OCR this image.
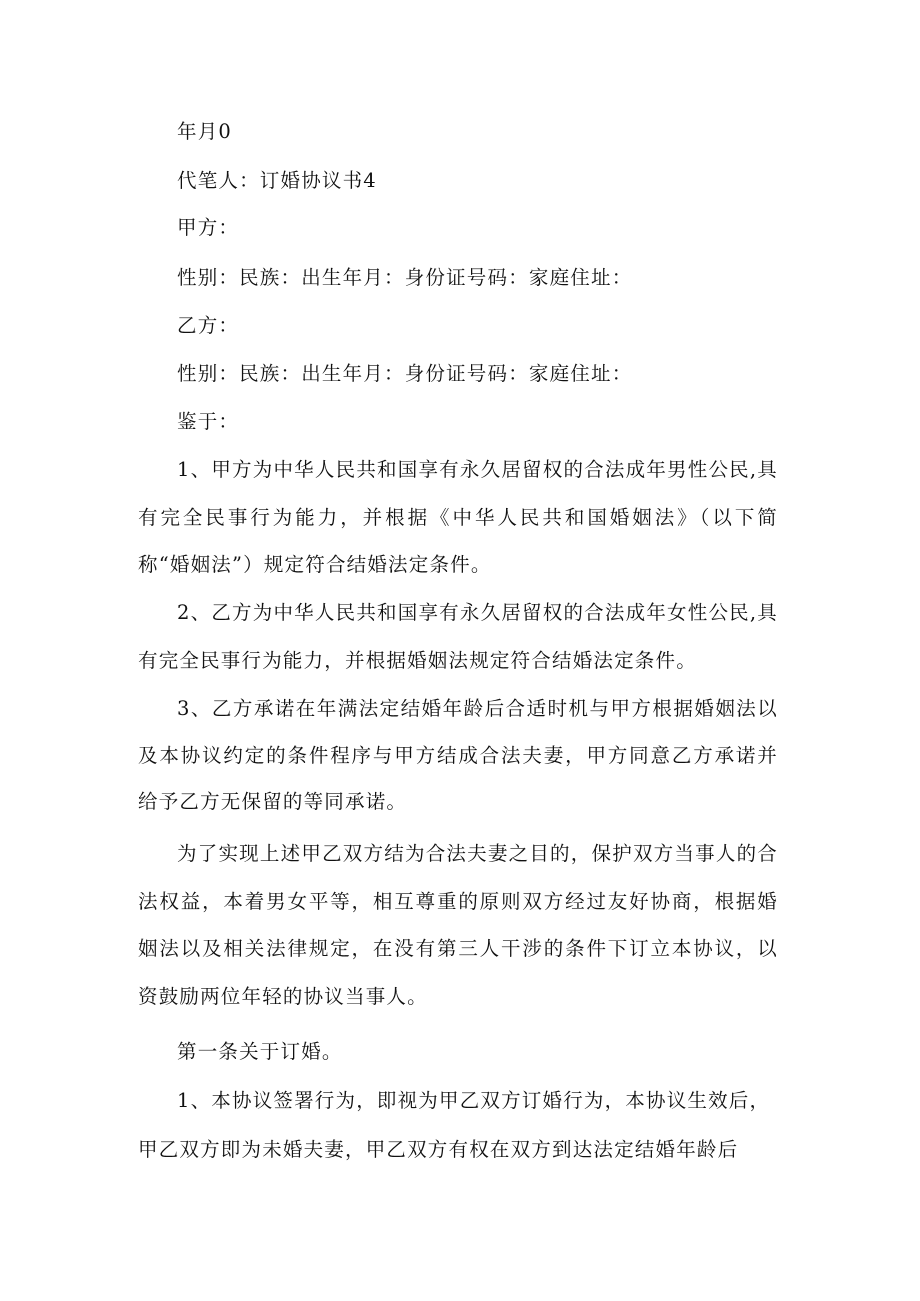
年月0
代笔人：订婚协议书4
甲方：
性别：民族：出生年月：身份证号码：家庭住址：
乙方：
性别：民族：出生年月：身份证号码：家庭住址：
鉴于：

1、甲方为中华人民共和国享有永久居留权的合法成年男性公民,具有完全民事行为能力，并根据《中华人民共和国婚姻法》（以下简称“婚姻法”）规定符合结婚法定条件。

2、乙方为中华人民共和国享有永久居留权的合法成年女性公民,具有完全民事行为能力，并根据婚姻法规定符合结婚法定条件。

3、乙方承诺在年满法定结婚年龄后合适时机与甲方根据婚姻法以及本协议约定的条件程序与甲方结成合法夫妻，甲方同意乙方承诺并给予乙方无保留的等同承诺。

为了实现上述甲乙双方结为合法夫妻之目的，保护双方当事人的合法权益，本着男女平等，相互尊重的原则双方经过友好协商，根据婚姻法以及相关法律规定，在没有第三人干涉的条件下订立本协议，以资鼓励两位年轻的协议当事人。

第一条关于订婚。
1、本协议签署行为，即视为甲乙双方订婚行为，本协议生效后，
甲乙双方即为未婚夫妻，甲乙双方有权在双方到达法定结婚年龄后
